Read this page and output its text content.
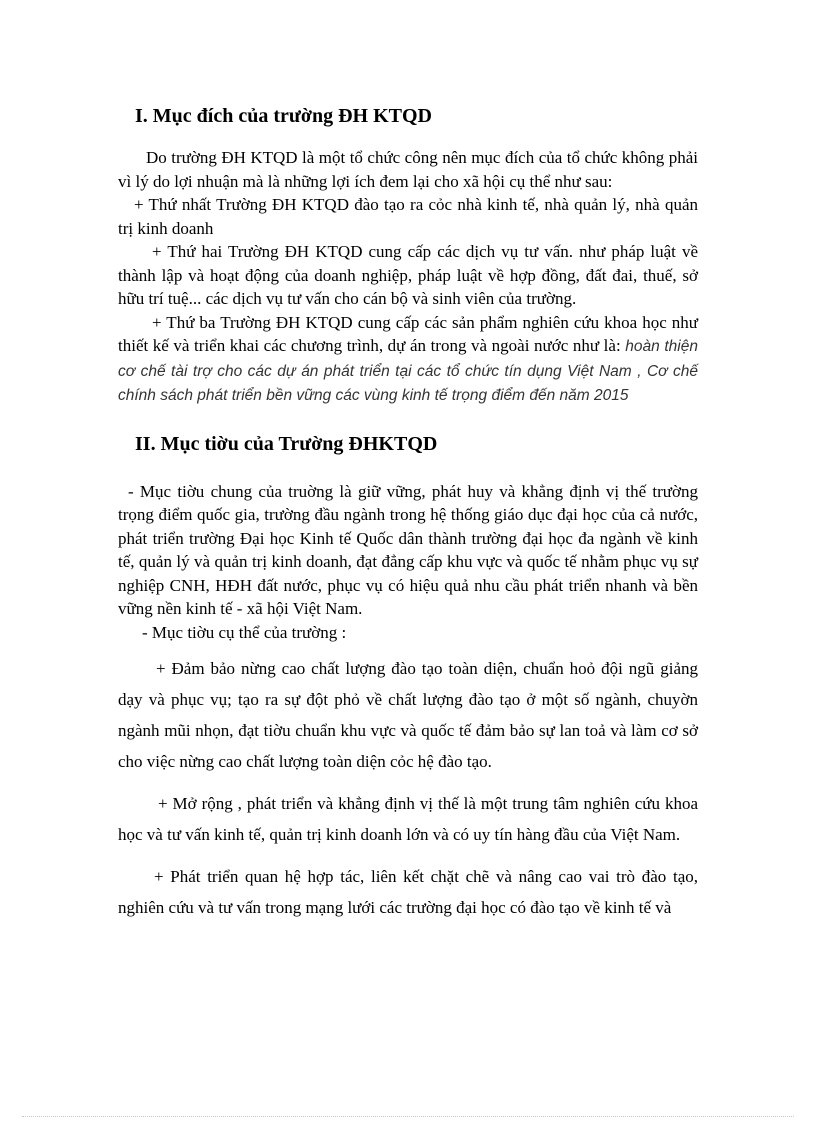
I. Mục đích của trường ĐH KTQD

Do trường ĐH KTQD là một tổ chức công nên mục đích của tổ chức không phải vì lý do lợi nhuận mà là những lợi ích đem lại cho xã hội cụ thể như sau:

+ Thứ nhất Trường ĐH KTQD đào tạo ra cỏc nhà kinh tế, nhà quản lý, nhà quản trị kinh doanh

+ Thứ hai Trường ĐH KTQD cung cấp các dịch vụ tư vấn. như pháp luật về thành lập và hoạt động của doanh nghiệp, pháp luật về hợp đồng, đất đai, thuế, sở hữu trí tuệ... các dịch vụ tư vấn cho cán bộ và sinh viên của trường.

+ Thứ ba Trường ĐH KTQD cung cấp các sản phẩm nghiên cứu khoa học như thiết kế và triển khai các chương trình, dự án trong và ngoài nước như là: hoàn thiện cơ chế tài trợ cho các dự án phát triển tại các tổ chức tín dụng Việt Nam , Cơ chế chính sách phát triển bền vững các vùng kinh tế trọng điểm đến năm 2015

II. Mục tiờu của Trường ĐHKTQD

- Mục tiờu chung của truờng là giữ vững, phát huy và khẳng định vị thế trường trọng điểm quốc gia, trường đầu ngành trong hệ thống giáo dục đại học của cả nước, phát triển trường Đại học Kinh tế Quốc dân thành trường đại học đa ngành về kinh tế, quản lý và quản trị kinh doanh, đạt đẳng cấp khu vực và quốc tế nhằm phục vụ sự nghiệp CNH, HĐH đất nước, phục vụ có hiệu quả nhu cầu phát triển nhanh và bền vững nền kinh tế - xã hội Việt Nam.

- Mục tiờu cụ thể của trường :

+ Đảm bảo nừng cao chất lượng đào tạo toàn diện, chuẩn hoỏ đội ngũ giảng dạy và phục vụ; tạo ra sự đột phỏ về chất lượng đào tạo ở một số ngành, chuyờn ngành mũi nhọn, đạt tiờu chuẩn khu vực và quốc tế đảm bảo sự lan toả và làm cơ sở cho việc nừng cao chất lượng toàn diện cỏc hệ đào tạo.

+ Mở rộng , phát triển và khẳng định vị thế là một trung tâm nghiên cứu khoa học và tư vấn kinh tế, quản trị kinh doanh lớn và có uy tín hàng đầu của Việt Nam.

+ Phát triển quan hệ hợp tác, liên kết chặt chẽ và nâng cao vai trò đào tạo, nghiên cứu và tư vấn trong mạng lưới các trường đại học có đào tạo về kinh tế và
